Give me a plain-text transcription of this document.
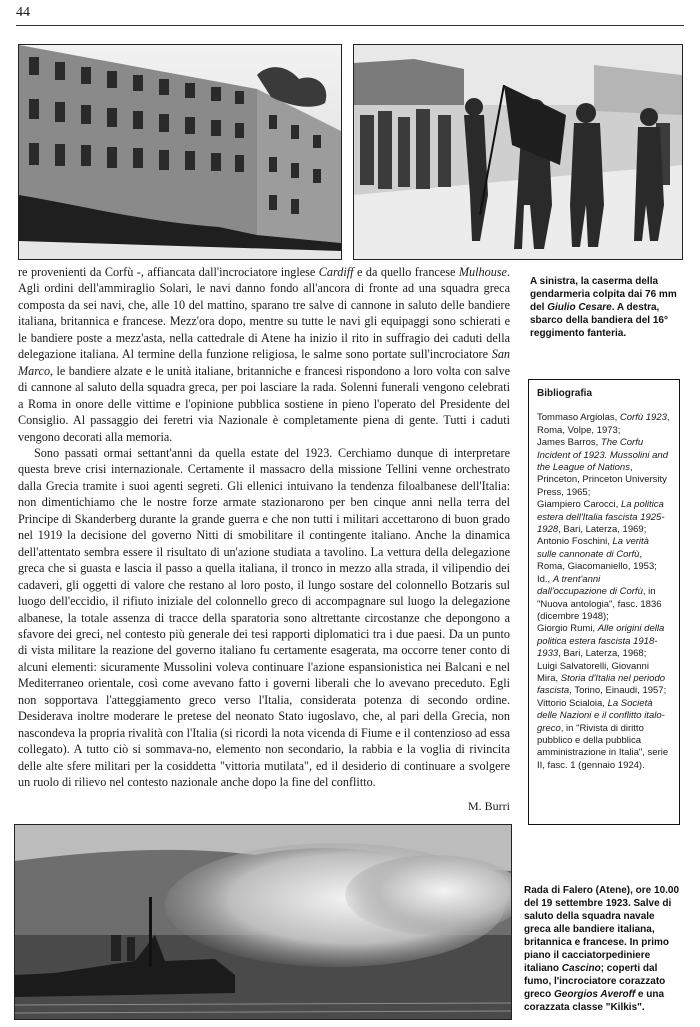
44
A sinistra, la caserma della gendarmeria colpita dai 76 mm del Giulio Cesare. A destra, sbarco della bandiera del 16° reggimento fanteria.

re provenienti da Corfù -, affiancata dall'incrociatore inglese Cardiff e da quello francese Mulhouse. Agli ordini dell'ammiraglio Solari, le navi danno fondo all'ancora di fronte ad una squadra greca composta da sei navi, che, alle 10 del mattino, sparano tre salve di cannone in saluto delle bandiere italiana, britannica e francese. Mezz'ora dopo, mentre su tutte le navi gli equipaggi sono schierati e le bandiere poste a mezz'asta, nella cattedrale di Atene ha inizio il rito in suffragio dei caduti della delegazione italiana. Al termine della funzione religiosa, le salme sono portate sull'incrociatore San Marco, le bandiere alzate e le unità italiane, britanniche e francesi rispondono a loro volta con salve di cannone al saluto della squadra greca, per poi lasciare la rada. Solenni funerali vengono celebrati a Roma in onore delle vittime e l'opinione pubblica sostiene in pieno l'operato del Presidente del Consiglio. Al passaggio dei feretri via Nazionale è completamente piena di gente. Tutti i caduti vengono decorati alla memoria.

Sono passati ormai settant'anni da quella estate del 1923. Cerchiamo dunque di interpretare questa breve crisi internazionale. Certamente il massacro della missione Tellini venne orchestrato dalla Grecia tramite i suoi agenti segreti. Gli ellenici intuivano la tendenza filoalbanese dell'Italia: non dimentichiamo che le nostre forze armate stazionarono per ben cinque anni nella terra del Principe di Skanderberg durante la grande guerra e che non tutti i militari accettarono di buon grado nel 1919 la decisione del governo Nitti di smobilitare il contingente italiano. Anche la dinamica dell'attentato sembra essere il risultato di un'azione studiata a tavolino. La vettura della delegazione greca che si guasta e lascia il passo a quella italiana, il tronco in mezzo alla strada, il vilipendio dei cadaveri, gli oggetti di valore che restano al loro posto, il lungo sostare del colonnello Botzaris sul luogo dell'eccidio, il rifiuto iniziale del colonnello greco di accompagnare sul luogo la delegazione albanese, la totale assenza di tracce della sparatoria sono altrettante circostanze che depongono a sfavore dei greci, nel contesto più generale dei tesi rapporti diplomatici tra i due paesi. Da un punto di vista militare la reazione del governo italiano fu certamente esagerata, ma occorre tener conto di alcuni elementi: sicuramente Mussolini voleva continuare l'azione espansionistica nei Balcani e nel Mediterraneo orientale, così come avevano fatto i governi liberali che lo avevano preceduto. Egli non sopportava l'atteggiamento greco verso l'Italia, considerata potenza di secondo ordine. Desiderava inoltre moderare le pretese del neonato Stato iugoslavo, che, al pari della Grecia, non nascondeva la propria rivalità con l'Italia (si ricordi la nota vicenda di Fiume e il contenzioso ad essa collegato). A tutto ciò si sommava-no, elemento non secondario, la rabbia e la voglia di rivincita delle alte sfere militari per la cosiddetta "vittoria mutilata", ed il desiderio di continuare a svolgere un ruolo di rilievo nel contesto nazionale anche dopo la fine del conflitto.

M. Burri
Bibliografia
Tommaso Argiolas, Corfù 1923, Roma, Volpe, 1973;
James Barros, The Corfu Incident of 1923. Mussolini and the League of Nations, Princeton, Princeton University Press, 1965;
Giampiero Carocci, La politica estera dell'Italia fascista 1925-1928, Bari, Laterza, 1969;
Antonio Foschini, La verità sulle cannonate di Corfù, Roma, Giacomaniello, 1953;
Id., A trent'anni dall'occupazione di Corfù, in "Nuova antologia", fasc. 1836 (dicembre 1948);
Giorgio Rumi, Alle origini della politica estera fascista 1918-1933, Bari, Laterza, 1968;
Luigi Salvatorelli, Giovanni Mira, Storia d'Italia nel periodo fascista, Torino, Einaudi, 1957;
Vittorio Scialoia, La Società delle Nazioni e il conflitto italo-greco, in "Rivista di diritto pubblico e della pubblica amministrazione in Italia", serie II, fasc. 1 (gennaio 1924).
Rada di Falero (Atene), ore 10.00 del 19 settembre 1923. Salve di saluto della squadra navale greca alle bandiere italiana, britannica e francese. In primo piano il cacciatorpediniere italiano Cascino; coperti dal fumo, l'incrociatore corazzato greco Georgios Averoff e una corazzata classe "Kilkis".
